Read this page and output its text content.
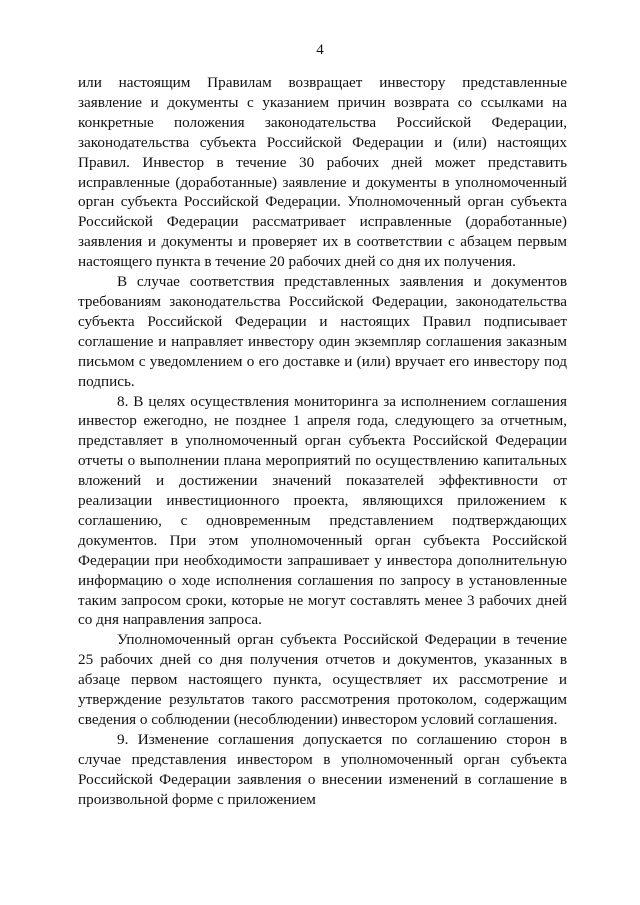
4

или настоящим Правилам возвращает инвестору представленные заявление и документы с указанием причин возврата со ссылками на конкретные положения законодательства Российской Федерации, законодательства субъекта Российской Федерации и (или) настоящих Правил. Инвестор в течение 30 рабочих дней может представить исправленные (доработанные) заявление и документы в уполномоченный орган субъекта Российской Федерации. Уполномоченный орган субъекта Российской Федерации рассматривает исправленные (доработанные) заявления и документы и проверяет их в соответствии с абзацем первым настоящего пункта в течение 20 рабочих дней со дня их получения.

В случае соответствия представленных заявления и документов требованиям законодательства Российской Федерации, законодательства субъекта Российской Федерации и настоящих Правил подписывает соглашение и направляет инвестору один экземпляр соглашения заказным письмом с уведомлением о его доставке и (или) вручает его инвестору под подпись.

8. В целях осуществления мониторинга за исполнением соглашения инвестор ежегодно, не позднее 1 апреля года, следующего за отчетным, представляет в уполномоченный орган субъекта Российской Федерации отчеты о выполнении плана мероприятий по осуществлению капитальных вложений и достижении значений показателей эффективности от реализации инвестиционного проекта, являющихся приложением к соглашению, с одновременным представлением подтверждающих документов. При этом уполномоченный орган субъекта Российской Федерации при необходимости запрашивает у инвестора дополнительную информацию о ходе исполнения соглашения по запросу в установленные таким запросом сроки, которые не могут составлять менее 3 рабочих дней со дня направления запроса.

Уполномоченный орган субъекта Российской Федерации в течение 25 рабочих дней со дня получения отчетов и документов, указанных в абзаце первом настоящего пункта, осуществляет их рассмотрение и утверждение результатов такого рассмотрения протоколом, содержащим сведения о соблюдении (несоблюдении) инвестором условий соглашения.

9. Изменение соглашения допускается по соглашению сторон в случае представления инвестором в уполномоченный орган субъекта Российской Федерации заявления о внесении изменений в соглашение в произвольной форме с приложением
